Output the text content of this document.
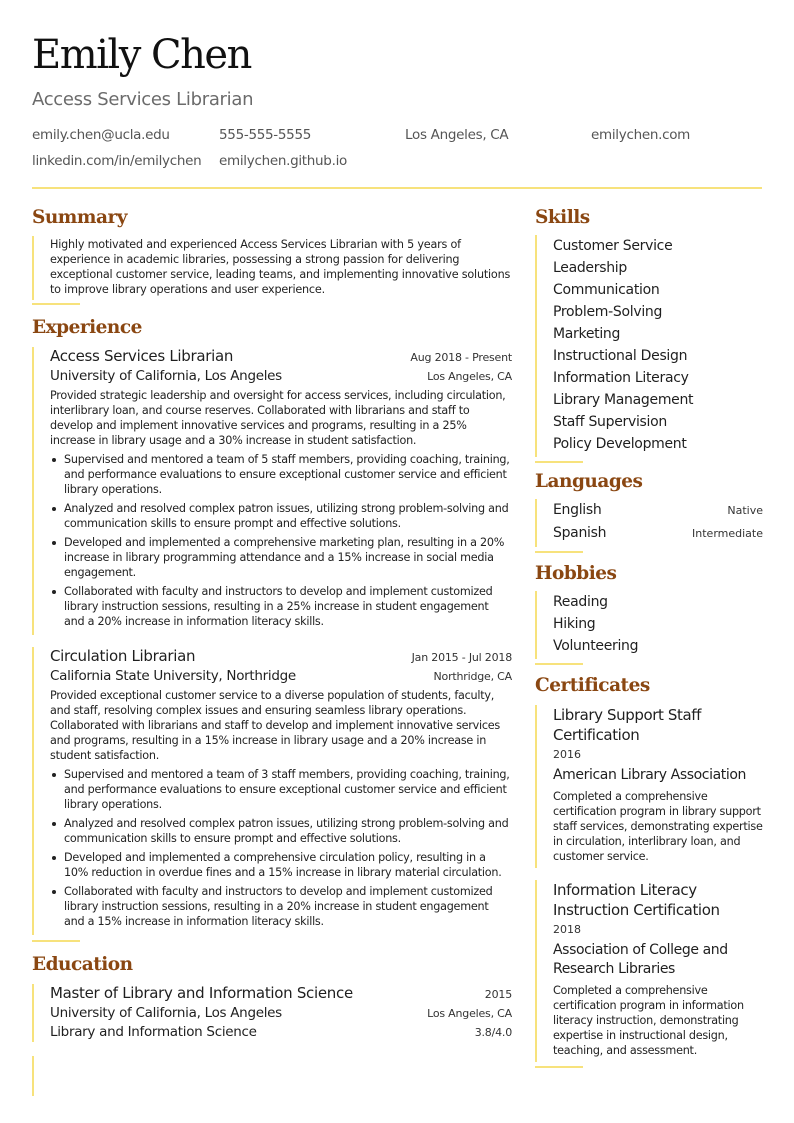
Emily Chen
Access Services Librarian
emily.chen@ucla.edu	555-555-5555	Los Angeles, CA	emilychen.com
linkedin.com/in/emilychen emilychen.github.io
Summary

Highly motivated and experienced Access Services Librarian with 5 years of experience in academic libraries, possessing a strong passion for delivering exceptional customer service, leading teams, and implementing innovative solutions to improve library operations and user experience.

Experience
Access Services Librarian	Aug 2018 - Present
University of California, Los Angeles	Los Angeles, CA

Provided strategic leadership and oversight for access services, including circulation, interlibrary loan, and course reserves. Collaborated with librarians and staff to develop and implement innovative services and programs, resulting in a 25% increase in library usage and a 30% increase in student satisfaction.

Supervised and mentored a team of 5 staff members, providing coaching, training, and performance evaluations to ensure exceptional customer service and efficient library operations.
Analyzed and resolved complex patron issues, utilizing strong problem-solving and communication skills to ensure prompt and effective solutions.
Developed and implemented a comprehensive marketing plan, resulting in a 20% increase in library programming attendance and a 15% increase in social media engagement.
Collaborated with faculty and instructors to develop and implement customized library instruction sessions, resulting in a 25% increase in student engagement and a 20% increase in information literacy skills.
Circulation Librarian	Jan 2015 - Jul 2018
California State University, Northridge	Northridge, CA

Provided exceptional customer service to a diverse population of students, faculty, and staff, resolving complex issues and ensuring seamless library operations. Collaborated with librarians and staff to develop and implement innovative services and programs, resulting in a 15% increase in library usage and a 20% increase in student satisfaction.

Supervised and mentored a team of 3 staff members, providing coaching, training, and performance evaluations to ensure exceptional customer service and efficient library operations.
Analyzed and resolved complex patron issues, utilizing strong problem-solving and communication skills to ensure prompt and effective solutions.
Developed and implemented a comprehensive circulation policy, resulting in a 10% reduction in overdue fines and a 15% increase in library material circulation.
Collaborated with faculty and instructors to develop and implement customized library instruction sessions, resulting in a 20% increase in student engagement and a 15% increase in information literacy skills.
Education
Master of Library and Information Science	2015
University of California, Los Angeles	Los Angeles, CA
Library and Information Science	3.8/4.0
Skills
Customer Service
Leadership
Communication
Problem-Solving
Marketing
Instructional Design
Information Literacy
Library Management
Staff Supervision
Policy Development
Languages
English	Native
Spanish	Intermediate
Hobbies
Reading
Hiking
Volunteering
Certificates
Library Support Staff Certification
2016
American Library Association

Completed a comprehensive certification program in library support staff services, demonstrating expertise in circulation, interlibrary loan, and customer service.

Information Literacy Instruction Certification
2018
Association of College and Research Libraries

Completed a comprehensive certification program in information literacy instruction, demonstrating expertise in instructional design, teaching, and assessment.
